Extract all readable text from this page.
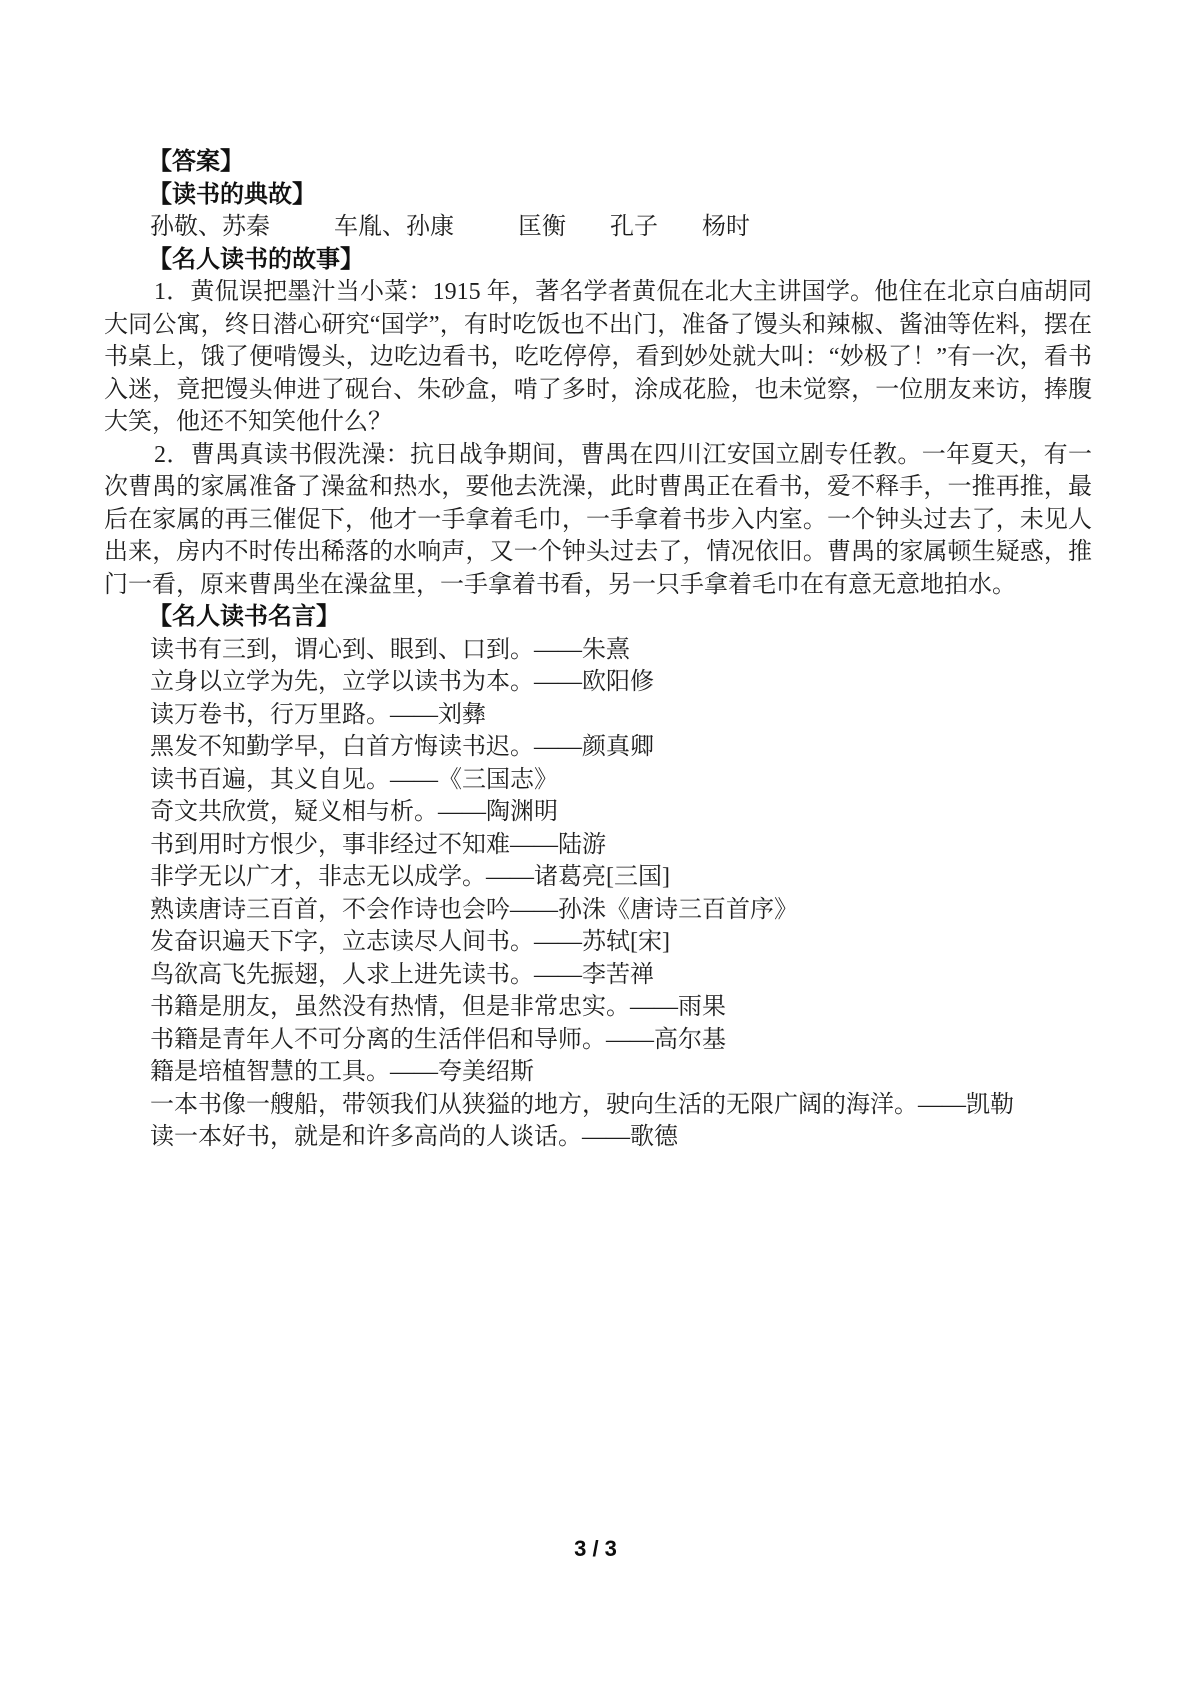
【答案】
【读书的典故】
孙敬、苏秦	车胤、孙康	匡衡 孔子 杨时
【名人读书的故事】

1．黄侃误把墨汁当小菜：1915 年，著名学者黄侃在北大主讲国学。他住在北京白庙胡同大同公寓，终日潜心研究“国学”，有时吃饭也不出门，准备了馒头和辣椒、酱油等佐料，摆在书桌上，饿了便啃馒头，边吃边看书，吃吃停停，看到妙处就大叫：“妙极了！”有一次，看书入迷，竟把馒头伸进了砚台、朱砂盒，啃了多时，涂成花脸，也未觉察，一位朋友来访，捧腹大笑，他还不知笑他什么？

2．曹禺真读书假洗澡：抗日战争期间，曹禺在四川江安国立剧专任教。一年夏天，有一次曹禺的家属准备了澡盆和热水，要他去洗澡，此时曹禺正在看书，爱不释手，一推再推，最后在家属的再三催促下，他才一手拿着毛巾，一手拿着书步入内室。一个钟头过去了，未见人出来，房内不时传出稀落的水响声，又一个钟头过去了，情况依旧。曹禺的家属顿生疑惑，推门一看，原来曹禺坐在澡盆里，一手拿着书看，另一只手拿着毛巾在有意无意地拍水。

【名人读书名言】
读书有三到，谓心到、眼到、口到。——朱熹
立身以立学为先，立学以读书为本。——欧阳修
读万卷书，行万里路。——刘彝
黑发不知勤学早，白首方悔读书迟。——颜真卿
读书百遍，其义自见。——《三国志》
奇文共欣赏，疑义相与析。——陶渊明
书到用时方恨少，事非经过不知难——陆游
非学无以广才，非志无以成学。——诸葛亮[三国]
熟读唐诗三百首，不会作诗也会吟——孙洙《唐诗三百首序》
发奋识遍天下字，立志读尽人间书。——苏轼[宋]
鸟欲高飞先振翅，人求上进先读书。——李苦禅
书籍是朋友，虽然没有热情，但是非常忠实。——雨果
书籍是青年人不可分离的生活伴侣和导师。——高尔基
籍是培植智慧的工具。——夸美绍斯
一本书像一艘船，带领我们从狭獈的地方，驶向生活的无限广阔的海洋。——凯勒
读一本好书，就是和许多高尚的人谈话。——歌德
3 / 3
